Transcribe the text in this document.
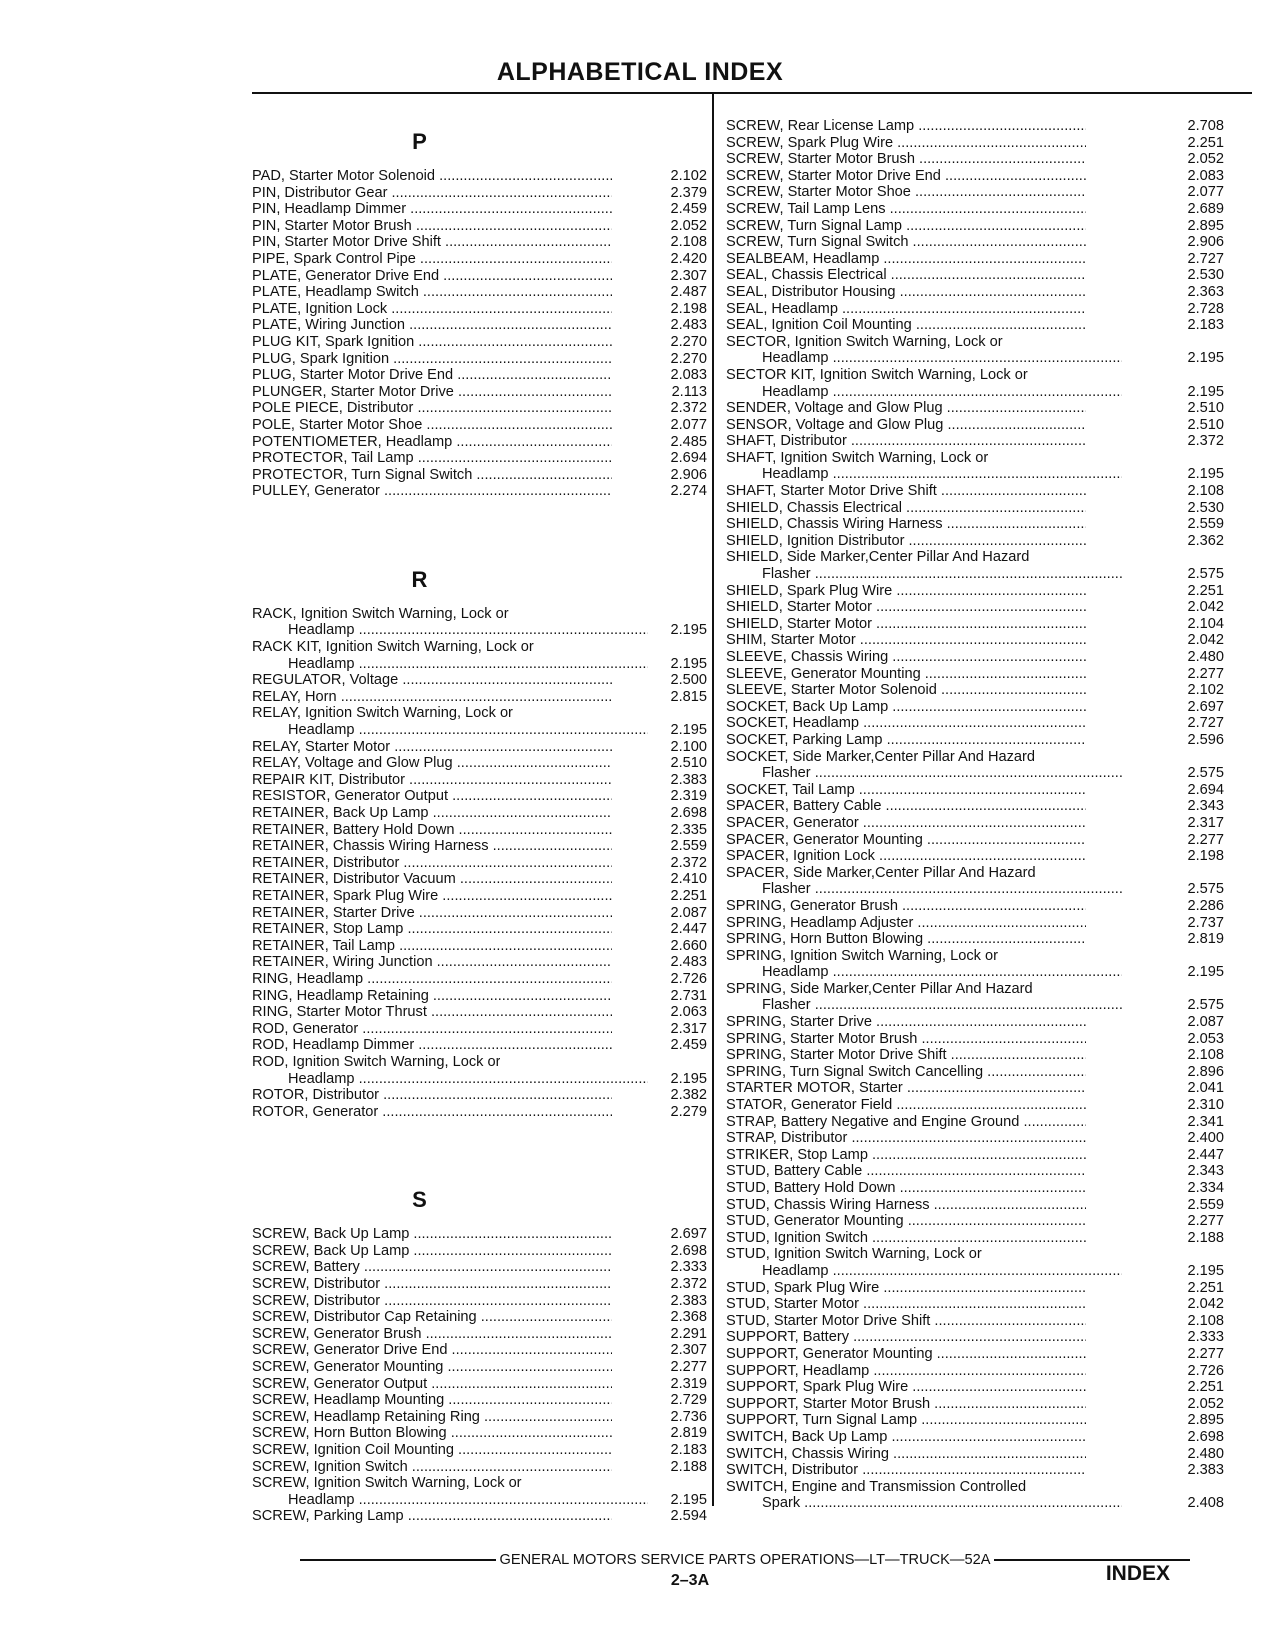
ALPHABETICAL INDEX
P
PAD, Starter Motor Solenoid .....	2.102
PIN, Distributor Gear .....	2.379
PIN, Headlamp Dimmer .....	2.459
PIN, Starter Motor Brush .....	2.052
PIN, Starter Motor Drive Shift .....	2.108
PIPE, Spark Control Pipe .....	2.420
PLATE, Generator Drive End .....	2.307
PLATE, Headlamp Switch .....	2.487
PLATE, Ignition Lock .....	2.198
PLATE, Wiring Junction .....	2.483
PLUG KIT, Spark Ignition .....	2.270
PLUG, Spark Ignition .....	2.270
PLUG, Starter Motor Drive End .....	2.083
PLUNGER, Starter Motor Drive .....	2.113
POLE PIECE, Distributor .....	2.372
POLE, Starter Motor Shoe .....	2.077
POTENTIOMETER, Headlamp .....	2.485
PROTECTOR, Tail Lamp .....	2.694
PROTECTOR, Turn Signal Switch .....	2.906
PULLEY, Generator .....	2.274
R
RACK, Ignition Switch Warning, Lock or
Headlamp .....	2.195
RACK KIT, Ignition Switch Warning, Lock or
Headlamp .....	2.195
REGULATOR, Voltage .....	2.500
RELAY, Horn .....	2.815
RELAY, Ignition Switch Warning, Lock or
Headlamp .....	2.195
RELAY, Starter Motor .....	2.100
RELAY, Voltage and Glow Plug .....	2.510
REPAIR KIT, Distributor .....	2.383
RESISTOR, Generator Output .....	2.319
RETAINER, Back Up Lamp .....	2.698
RETAINER, Battery Hold Down .....	2.335
RETAINER, Chassis Wiring Harness .....	2.559
RETAINER, Distributor .....	2.372
RETAINER, Distributor Vacuum .....	2.410
RETAINER, Spark Plug Wire .....	2.251
RETAINER, Starter Drive .....	2.087
RETAINER, Stop Lamp .....	2.447
RETAINER, Tail Lamp .....	2.660
RETAINER, Wiring Junction .....	2.483
RING, Headlamp .....	2.726
RING, Headlamp Retaining .....	2.731
RING, Starter Motor Thrust .....	2.063
ROD, Generator .....	2.317
ROD, Headlamp Dimmer .....	2.459
ROD, Ignition Switch Warning, Lock or
Headlamp .....	2.195
ROTOR, Distributor .....	2.382
ROTOR, Generator .....	2.279
S
SCREW, Back Up Lamp .....	2.697
SCREW, Back Up Lamp .....	2.698
SCREW, Battery .....	2.333
SCREW, Distributor .....	2.372
SCREW, Distributor .....	2.383
SCREW, Distributor Cap Retaining .....	2.368
SCREW, Generator Brush .....	2.291
SCREW, Generator Drive End .....	2.307
SCREW, Generator Mounting .....	2.277
SCREW, Generator Output .....	2.319
SCREW, Headlamp Mounting .....	2.729
SCREW, Headlamp Retaining Ring .....	2.736
SCREW, Horn Button Blowing .....	2.819
SCREW, Ignition Coil Mounting .....	2.183
SCREW, Ignition Switch .....	2.188
SCREW, Ignition Switch Warning, Lock or
Headlamp .....	2.195
SCREW, Parking Lamp .....	2.594
SCREW, Rear License Lamp .....	2.708
SCREW, Spark Plug Wire .....	2.251
SCREW, Starter Motor Brush .....	2.052
SCREW, Starter Motor Drive End .....	2.083
SCREW, Starter Motor Shoe .....	2.077
SCREW, Tail Lamp Lens .....	2.689
SCREW, Turn Signal Lamp .....	2.895
SCREW, Turn Signal Switch .....	2.906
SEALBEAM, Headlamp .....	2.727
SEAL, Chassis Electrical .....	2.530
SEAL, Distributor Housing .....	2.363
SEAL, Headlamp .....	2.728
SEAL, Ignition Coil Mounting .....	2.183
SECTOR, Ignition Switch Warning, Lock or
Headlamp .....	2.195
SECTOR KIT, Ignition Switch Warning, Lock or
Headlamp .....	2.195
SENDER, Voltage and Glow Plug .....	2.510
SENSOR, Voltage and Glow Plug .....	2.510
SHAFT, Distributor .....	2.372
SHAFT, Ignition Switch Warning, Lock or
Headlamp .....	2.195
SHAFT, Starter Motor Drive Shift .....	2.108
SHIELD, Chassis Electrical .....	2.530
SHIELD, Chassis Wiring Harness .....	2.559
SHIELD, Ignition Distributor .....	2.362
SHIELD, Side Marker,Center Pillar And Hazard
Flasher .....	2.575
SHIELD, Spark Plug Wire .....	2.251
SHIELD, Starter Motor .....	2.042
SHIELD, Starter Motor .....	2.104
SHIM, Starter Motor .....	2.042
SLEEVE, Chassis Wiring .....	2.480
SLEEVE, Generator Mounting .....	2.277
SLEEVE, Starter Motor Solenoid .....	2.102
SOCKET, Back Up Lamp .....	2.697
SOCKET, Headlamp .....	2.727
SOCKET, Parking Lamp .....	2.596
SOCKET, Side Marker,Center Pillar And Hazard
Flasher .....	2.575
SOCKET, Tail Lamp .....	2.694
SPACER, Battery Cable .....	2.343
SPACER, Generator .....	2.317
SPACER, Generator Mounting .....	2.277
SPACER, Ignition Lock .....	2.198
SPACER, Side Marker,Center Pillar And Hazard
Flasher .....	2.575
SPRING, Generator Brush .....	2.286
SPRING, Headlamp Adjuster .....	2.737
SPRING, Horn Button Blowing .....	2.819
SPRING, Ignition Switch Warning, Lock or
Headlamp .....	2.195
SPRING, Side Marker,Center Pillar And Hazard
Flasher .....	2.575
SPRING, Starter Drive .....	2.087
SPRING, Starter Motor Brush .....	2.053
SPRING, Starter Motor Drive Shift .....	2.108
SPRING, Turn Signal Switch Cancelling .....	2.896
STARTER MOTOR, Starter .....	2.041
STATOR, Generator Field .....	2.310
STRAP, Battery Negative and Engine Ground .....	2.341
STRAP, Distributor .....	2.400
STRIKER, Stop Lamp .....	2.447
STUD, Battery Cable .....	2.343
STUD, Battery Hold Down .....	2.334
STUD, Chassis Wiring Harness .....	2.559
STUD, Generator Mounting .....	2.277
STUD, Ignition Switch .....	2.188
STUD, Ignition Switch Warning, Lock or
Headlamp .....	2.195
STUD, Spark Plug Wire .....	2.251
STUD, Starter Motor .....	2.042
STUD, Starter Motor Drive Shift .....	2.108
SUPPORT, Battery .....	2.333
SUPPORT, Generator Mounting .....	2.277
SUPPORT, Headlamp .....	2.726
SUPPORT, Spark Plug Wire .....	2.251
SUPPORT, Starter Motor Brush .....	2.052
SUPPORT, Turn Signal Lamp .....	2.895
SWITCH, Back Up Lamp .....	2.698
SWITCH, Chassis Wiring .....	2.480
SWITCH, Distributor .....	2.383
SWITCH, Engine and Transmission Controlled
Spark .....	2.408
GENERAL MOTORS SERVICE PARTS OPERATIONS—LT—TRUCK—52A
2–3A	INDEX
